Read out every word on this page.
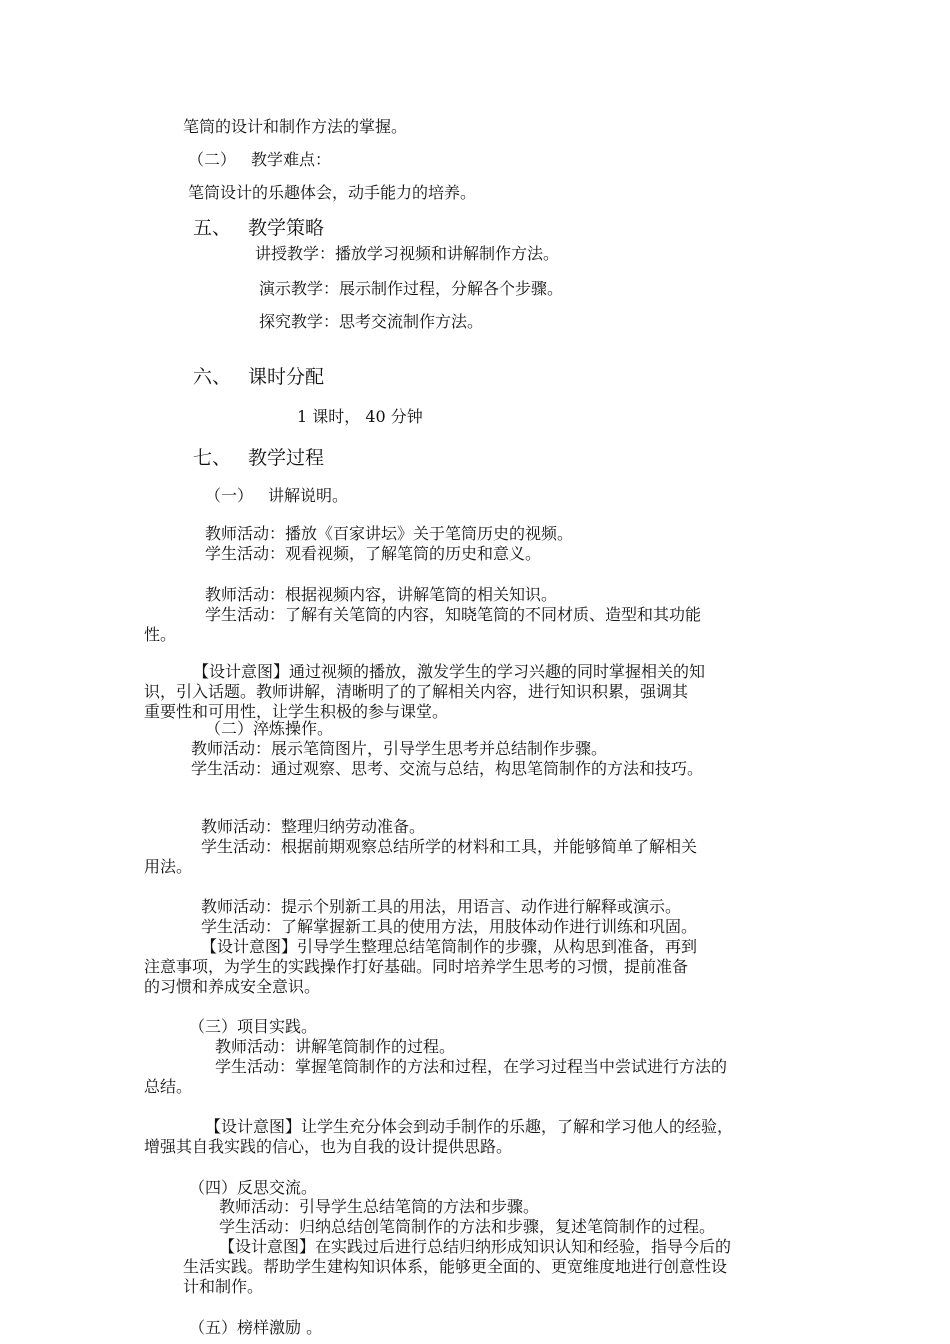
笔筒的设计和制作方法的掌握。
（二） 教学难点：
笔筒设计的乐趣体会，动手能力的培养。
五、 教学策略
讲授教学：播放学习视频和讲解制作方法。
演示教学：展示制作过程，分解各个步骤。
探究教学：思考交流制作方法。
六、 课时分配
1 课时， 40 分钟
七、 教学过程
（一） 讲解说明。
教师活动：播放《百家讲坛》关于笔筒历史的视频。
学生活动：观看视频，了解笔筒的历史和意义。
教师活动：根据视频内容，讲解笔筒的相关知识。
学生活动：了解有关笔筒的内容，知晓笔筒的不同材质、造型和其功能
性。
【设计意图】通过视频的播放，激发学生的学习兴趣的同时掌握相关的知
识，引入话题。教师讲解，清晰明了的了解相关内容，进行知识积累，强调其
重要性和可用性，让学生积极的参与课堂。
（二）淬炼操作。
教师活动：展示笔筒图片，引导学生思考并总结制作步骤。
学生活动：通过观察、思考、交流与总结，构思笔筒制作的方法和技巧。
教师活动：整理归纳劳动准备。
学生活动：根据前期观察总结所学的材料和工具，并能够简单了解相关
用法。
教师活动：提示个别新工具的用法，用语言、动作进行解释或演示。
学生活动：了解掌握新工具的使用方法，用肢体动作进行训练和巩固。
【设计意图】引导学生整理总结笔筒制作的步骤，从构思到准备，再到
注意事项，为学生的实践操作打好基础。同时培养学生思考的习惯，提前准备
的习惯和养成安全意识。
（三）项目实践。
教师活动：讲解笔筒制作的过程。
学生活动：掌握笔筒制作的方法和过程，在学习过程当中尝试进行方法的
总结。
【设计意图】让学生充分体会到动手制作的乐趣，了解和学习他人的经验，
增强其自我实践的信心，也为自我的设计提供思路。
（四）反思交流。
教师活动：引导学生总结笔筒的方法和步骤。
学生活动：归纳总结创笔筒制作的方法和步骤，复述笔筒制作的过程。
【设计意图】在实践过后进行总结归纳形成知识认知和经验，指导今后的
生活实践。帮助学生建构知识体系，能够更全面的、更宽维度地进行创意性设
计和制作。
（五）榜样激励 。
